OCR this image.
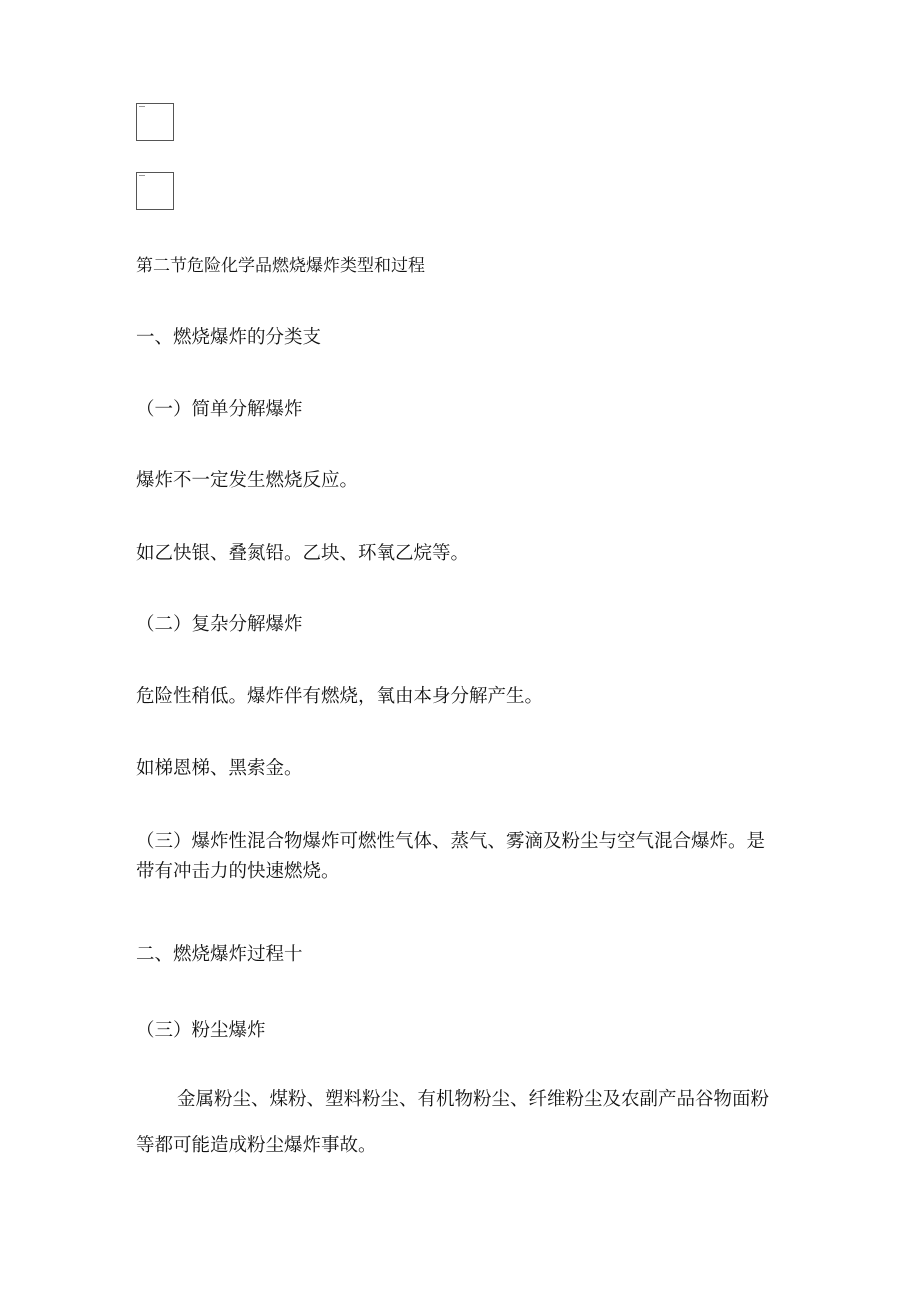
第二节危险化学品燃烧爆炸类型和过程
一、燃烧爆炸的分类支
（一）简单分解爆炸
爆炸不一定发生燃烧反应。
如乙快银、叠氮铅。乙块、环氧乙烷等。
（二）复杂分解爆炸
危险性稍低。爆炸伴有燃烧，氧由本身分解产生。
如梯恩梯、黑索金。
（三）爆炸性混合物爆炸可燃性气体、蒸气、雾滴及粉尘与空气混合爆炸。是带有冲击力的快速燃烧。
二、燃烧爆炸过程十
（三）粉尘爆炸
金属粉尘、煤粉、塑料粉尘、有机物粉尘、纤维粉尘及农副产品谷物面粉等都可能造成粉尘爆炸事故。
